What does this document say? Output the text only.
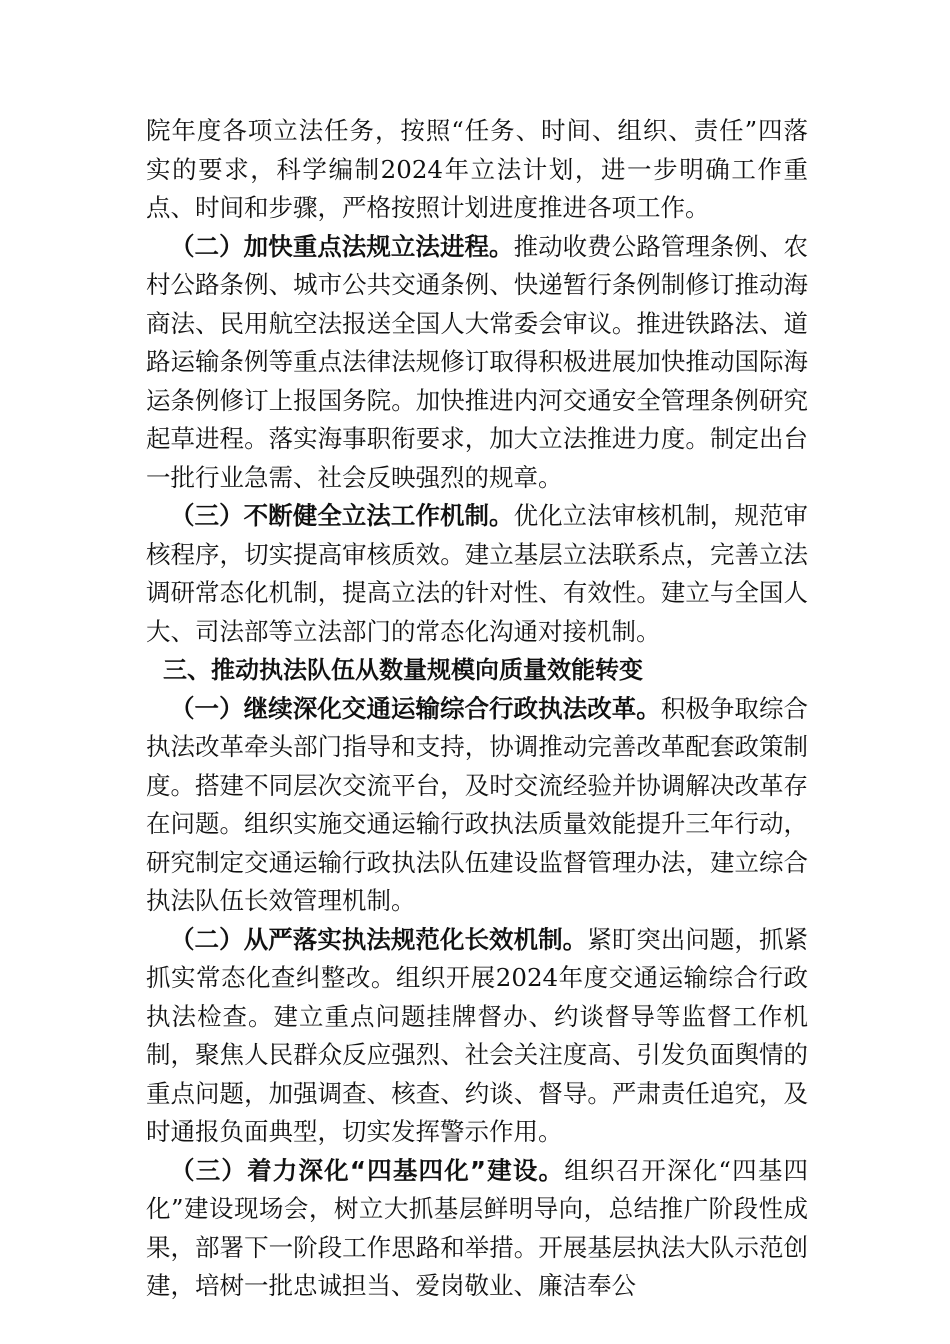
院年度各项立法任务，按照“任务、时间、组织、责任”四落实的要求，科学编制2024年立法计划，进一步明确工作重点、时间和步骤，严格按照计划进度推进各项工作。

（二）加快重点法规立法进程。推动收费公路管理条例、农村公路条例、城市公共交通条例、快递暂行条例制修订推动海商法、民用航空法报送全国人大常委会审议。推进铁路法、道路运输条例等重点法律法规修订取得积极进展加快推动国际海运条例修订上报国务院。加快推进内河交通安全管理条例研究起草进程。落实海事职衔要求，加大立法推进力度。制定出台一批行业急需、社会反映强烈的规章。

（三）不断健全立法工作机制。优化立法审核机制，规范审核程序，切实提高审核质效。建立基层立法联系点，完善立法调研常态化机制，提高立法的针对性、有效性。建立与全国人大、司法部等立法部门的常态化沟通对接机制。

三、推动执法队伍从数量规模向质量效能转变

（一）继续深化交通运输综合行政执法改革。积极争取综合执法改革牵头部门指导和支持，协调推动完善改革配套政策制度。搭建不同层次交流平台，及时交流经验并协调解决改革存在问题。组织实施交通运输行政执法质量效能提升三年行动，研究制定交通运输行政执法队伍建设监督管理办法，建立综合执法队伍长效管理机制。

（二）从严落实执法规范化长效机制。紧盯突出问题，抓紧抓实常态化查纠整改。组织开展2024年度交通运输综合行政执法检查。建立重点问题挂牌督办、约谈督导等监督工作机制，聚焦人民群众反应强烈、社会关注度高、引发负面舆情的重点问题，加强调查、核查、约谈、督导。严肃责任追究，及时通报负面典型，切实发挥警示作用。

（三）着力深化“四基四化”建设。组织召开深化“四基四化”建设现场会，树立大抓基层鲜明导向，总结推广阶段性成果，部署下一阶段工作思路和举措。开展基层执法大队示范创建，培树一批忠诚担当、爱岗敬业、廉洁奉公
